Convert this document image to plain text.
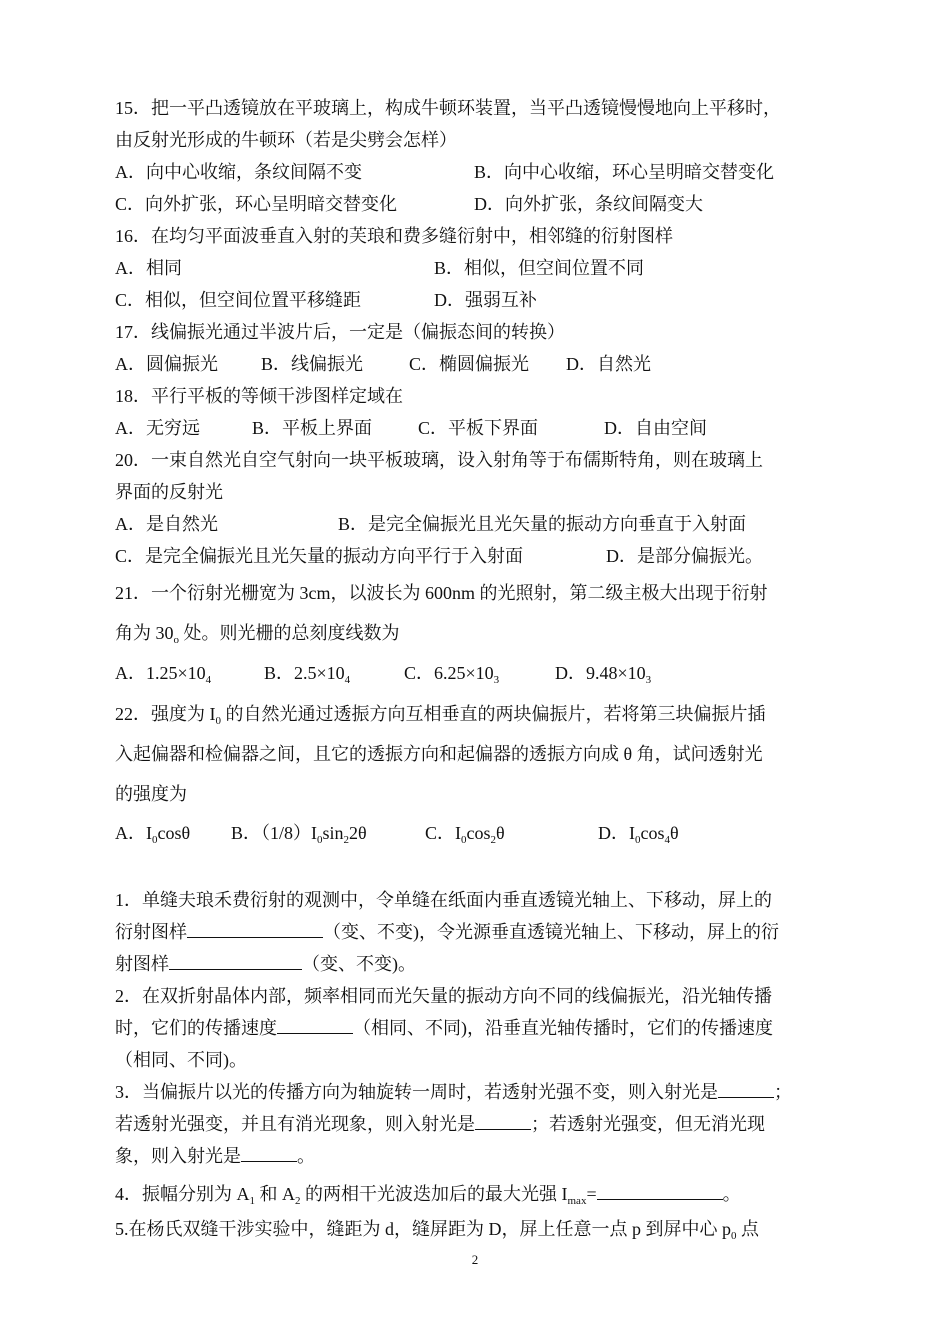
15．把一平凸透镜放在平玻璃上，构成牛顿环装置，当平凸透镜慢慢地向上平移时，
由反射光形成的牛顿环（若是尖劈会怎样）
A．向中心收缩，条纹间隔不变	B．向中心收缩，环心呈明暗交替变化
C．向外扩张，环心呈明暗交替变化	D．向外扩张，条纹间隔变大
16．在均匀平面波垂直入射的芙琅和费多缝衍射中，相邻缝的衍射图样
A．相同	B．相似，但空间位置不同
C．相似，但空间位置平移缝距	D．强弱互补
17．线偏振光通过半波片后，一定是（偏振态间的转换）
A．圆偏振光 B．线偏振光	C．椭圆偏振光 D．自然光
18．平行平板的等倾干涉图样定域在
A．无穷远	B．平板上界面	C．平板下界面	D．自由空间
20．一束自然光自空气射向一块平板玻璃，设入射角等于布儒斯特角，则在玻璃上
界面的反射光
A．是自然光	B．是完全偏振光且光矢量的振动方向垂直于入射面
C．是完全偏振光且光矢量的振动方向平行于入射面	D．是部分偏振光。
21．一个衍射光栅宽为 3cm，以波长为 600nm 的光照射，第二级主极大出现于衍射
角为 $30_o$ 处。则光栅的总刻度线数为
A．$1.25\times 10_4$	B．$2.5\times 10_4$	C．$6.25\times 10_3$	D．$9.48\times 10_3$
22．强度为 $I_0$ 的自然光通过透振方向互相垂直的两块偏振片，若将第三块偏振片插
入起偏器和检偏器之间，且它的透振方向和起偏器的透振方向成 θ 角，试问透射光
的强度为
A．$I_0\cos\theta$ B．$(1/8)I_0\sin_22\theta$	C．$I_0\cos_2\theta$	D．$I_0\cos_4\theta$
1．单缝夫琅禾费衍射的观测中，令单缝在纸面内垂直透镜光轴上、下移动，屏上的
衍射图样	（变、不变)，令光源垂直透镜光轴上、下移动，屏上的衍
射图样	（变、不变)。
2．在双折射晶体内部，频率相同而光矢量的振动方向不同的线偏振光，沿光轴传播
时，它们的传播速度	（相同、不同)，沿垂直光轴传播时，它们的传播速度
（相同、不同)。
3．当偏振片以光的传播方向为轴旋转一周时，若透射光强不变，则入射光是	；
若透射光强变，并且有消光现象，则入射光是	；若透射光强变，但无消光现
象，则入射光是	。
4．振幅分别为 $A_1$ 和 $A_2$ 的两相干光波迭加后的最大光强 $I_{max}=$	。
5.在杨氏双缝干涉实验中，缝距为 d，缝屏距为 D，屏上任意一点 p 到屏中心 $p_0$ 点
2
